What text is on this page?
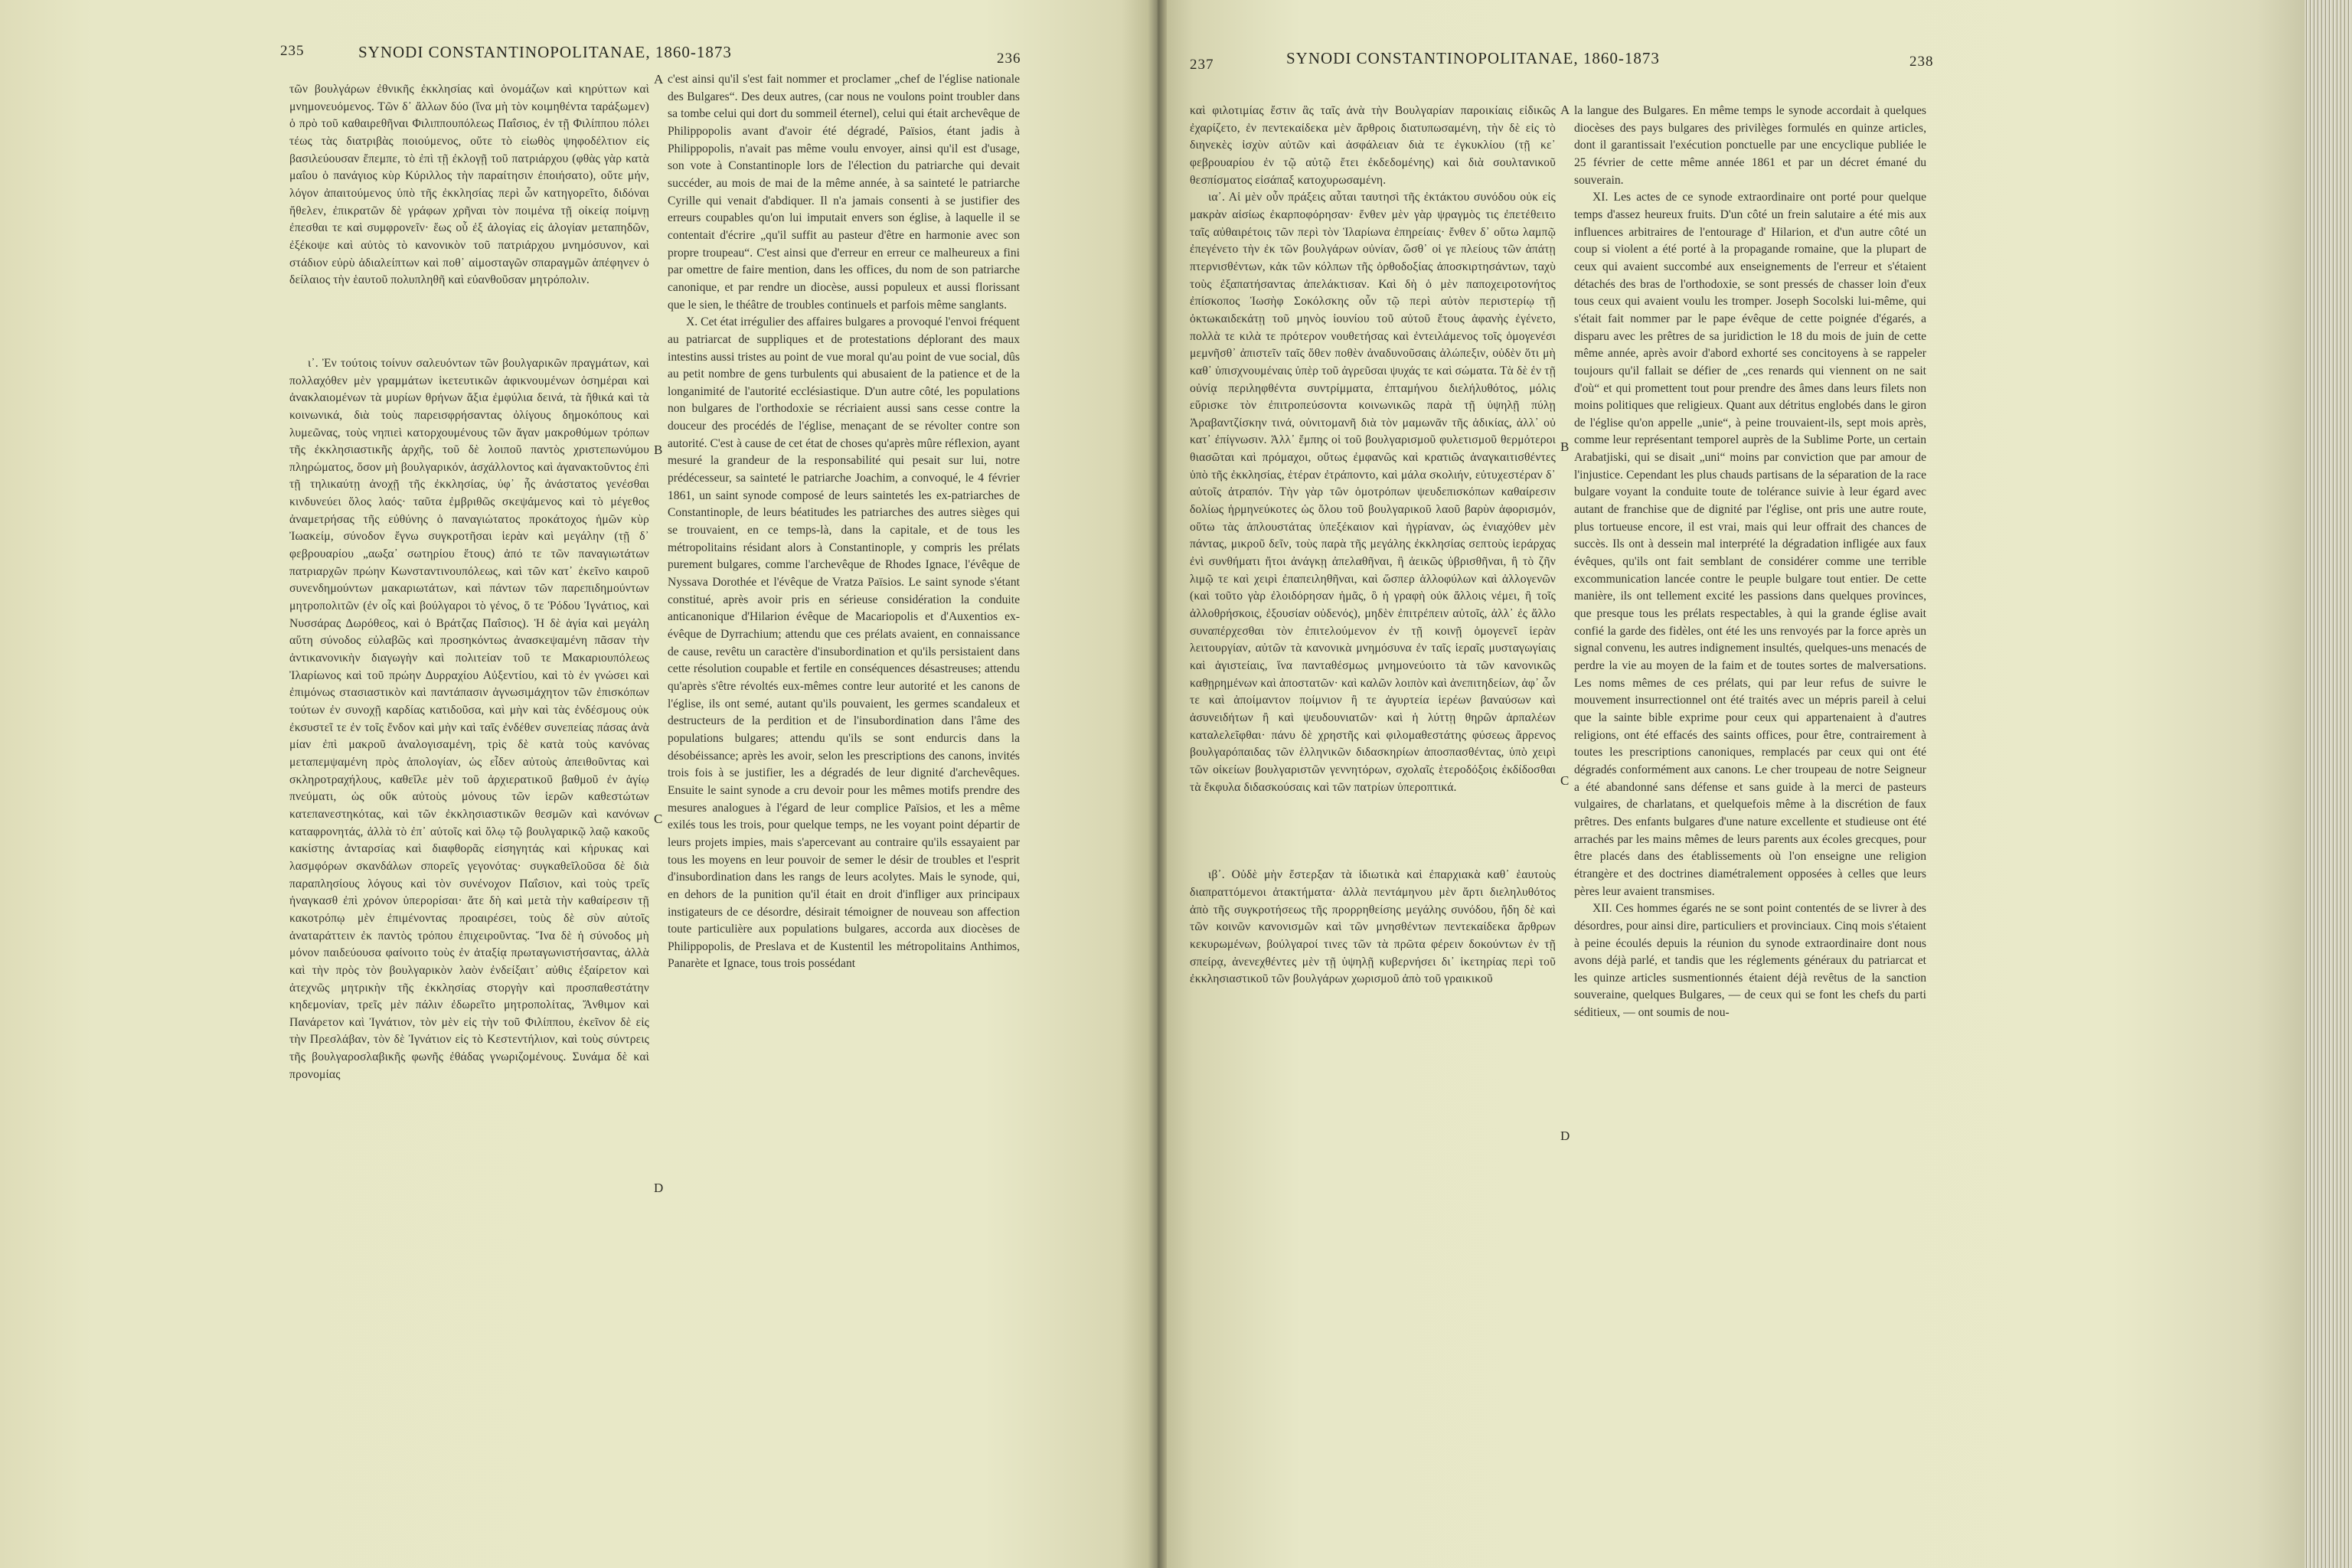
235	SYNODI CONSTANTINOPOLITANAE, 1860-1873	236

τῶν βουλγάρων ἐθνικῆς ἐκκλησίας καὶ ὀνομάζων καὶ κηρύττων καὶ μνημονευόμενος. Τῶν δ᾽ ἄλλων δύο (ἵνα μὴ τὸν κοιμηθέντα ταράξωμεν) ὁ πρὸ τοῦ καθαιρεθῆναι Φιλιππουπόλεως Παΐσιος, ἐν τῇ Φιλίππου πόλει τέως τὰς διατριβὰς ποιούμενος, οὔτε τὸ εἰωθὸς ψηφοδέλτιον εἰς βασιλεύουσαν ἔπεμπε, τὸ ἐπὶ τῇ ἐκλογῇ τοῦ πατριάρχου (φθὰς γὰρ κατὰ μαΐου ὁ πανάγιος κὺρ Κύριλλος τὴν παραίτησιν ἐποιήσατο), οὔτε μήν, λόγον ἀπαιτούμενος ὑπὸ τῆς ἐκκλησίας περὶ ὧν κατηγορεῖτο, διδόναι ἤθελεν, ἐπικρατῶν δὲ γράφων χρῆναι τὸν ποιμένα τῇ οἰκείᾳ ποίμνῃ ἐπεσθαι τε καὶ συμφρονεῖν· ἕως οὗ ἐξ ἀλογίας εἰς ἀλογίαν μεταπηδῶν, ἐξέκοψε καὶ αὐτὸς τὸ κανονικὸν τοῦ πατριάρχου μνημόσυνον, καὶ στάδιον εὐρὺ ἀδιαλείπτων καὶ ποθ᾽ αἱμοσταγῶν σπαραγμῶν ἀπέφηνεν ὁ δείλαιος τὴν ἑαυτοῦ πολυπληθῆ καὶ εὐανθοῦσαν μητρόπολιν.

ι᾽. Ἐν τούτοις τοίνυν σαλευόντων τῶν βουλγαρικῶν πραγμάτων, καὶ πολλαχόθεν μὲν γραμμάτων ἱκετευτικῶν ἀφικνουμένων ὀσημέραι καὶ ἀνακλαιομένων τὰ μυρίων θρήνων ἄξια ἐμφύλια δεινά, τὰ ἤθικά καὶ τὰ κοινωνικά, διὰ τοὺς παρεισφρήσαντας ὀλίγους δημοκόπους καὶ λυμεῶνας, τοὺς νηπιεὶ κατορχουμένους τῶν ἄγαν μακροθύμων τρόπων τῆς ἐκκλησιαστικῆς ἀρχῆς, τοῦ δὲ λοιποῦ παντὸς χριστεπωνύμου πληρώματος, ὅσον μὴ βουλγαρικόν, ἀσχάλλοντος καὶ ἀγανακτοῦντος ἐπὶ τῇ τηλικαύτῃ ἀνοχῇ τῆς ἐκκλησίας, ὑφ᾽ ἧς ἀνάστατος γενέσθαι κινδυνεύει ὅλος λαός· ταῦτα ἐμβριθῶς σκεψάμενος καὶ τὸ μέγεθος ἀναμετρήσας τῆς εὐθύνης ὁ παναγιώτατος προκάτοχος ἡμῶν κὺρ Ἰωακείμ, σύνοδον ἔγνω συγκροτῆσαι ἱερὰν καὶ μεγάλην (τῇ δ᾽ φεβρουαρίου „αωξα᾽ σωτηρίου ἔτους) ἀπό τε τῶν παναγιωτάτων πατριαρχῶν πρώην Κωνσταντινουπόλεως, καὶ τῶν κατ᾽ ἐκεῖνο καιροῦ συνενδημούντων μακαριωτάτων, καὶ πάντων τῶν παρεπιδημούντων μητροπολιτῶν (ἐν οἷς καὶ βούλγαροι τὸ γένος, ὅ τε Ῥόδου Ἰγνάτιος, καὶ Νυσσάρας Δωρόθεος, καὶ ὁ Βράτζας Παΐσιος). Ἡ δὲ ἁγία καὶ μεγάλη αὕτη σύνοδος εὐλαβῶς καὶ προσηκόντως ἀνασκεψαμένη πᾶσαν τὴν ἀντικανονικὴν διαγωγὴν καὶ πολιτείαν τοῦ τε Μακαριουπόλεως Ἰλαρίωνος καὶ τοῦ πρώην Δυρραχίου Αὐξεντίου, καὶ τὸ ἐν γνώσει καὶ ἐπιμόνως στασιαστικὸν καὶ παντάπασιν ἀγνωσιμάχητον τῶν ἐπισκόπων τούτων ἐν συνοχῇ καρδίας κατιδοῦσα, καὶ μὴν καὶ τὰς ἐνδέσμους οὐκ ἐκσυστεῖ τε ἐν τοῖς ἔνδον καὶ μὴν καὶ ταῖς ἐνδέθεν συνεπείας πάσας ἀνὰ μίαν ἐπὶ μακροῦ ἀναλογισαμένη, τρὶς δὲ κατὰ τοὺς κανόνας μεταπεμψαμένη πρὸς ἀπολογίαν, ὡς εἶδεν αὐτοὺς ἀπειθοῦντας καὶ σκληροτραχήλους, καθεῖλε μὲν τοῦ ἀρχιερατικοῦ βαθμοῦ ἐν ἁγίῳ πνεύματι, ὡς οὔκ αὐτοὺς μόνους τῶν ἱερῶν καθεστώτων κατεπανεστηκότας, καὶ τῶν ἐκκλησιαστικῶν θεσμῶν καὶ κανόνων καταφρονητάς, ἀλλὰ τὸ ἐπ᾽ αὐτοῖς καὶ ὅλῳ τῷ βουλγαρικῷ λαῷ κακοῦς κακίστης ἀνταρσίας καὶ διαφθορᾶς εἰσηγητάς καὶ κήρυκας καὶ λασμφόρων σκανδάλων σπορεῖς γεγονότας· συγκαθεῖλοῦσα δὲ διὰ παραπλησίους λόγους καὶ τὸν συνένοχον Παΐσιον, καὶ τοὺς τρεῖς ἠναγκασθ ἐπὶ χρόνον ὑπερορίσαι· ἅτε δὴ καὶ μετὰ τὴν καθαίρεσιν τῇ κακοτρόπῳ μὲν ἐπιμένοντας προαιρέσει, τοὺς δὲ σὺν αὐτοῖς ἀναταράττειν ἐκ παντὸς τρόπου ἐπιχειροῦντας. Ἵνα δὲ ἡ σύνοδος μὴ μόνον παιδεύουσα φαίνοιτο τοὺς ἐν ἀταξίᾳ πρωταγωνιστήσαντας, ἀλλὰ καὶ τὴν πρὸς τὸν βουλγαρικὸν λαὸν ἐνδείξαιτ᾽ αὐθις ἐξαίρετον καὶ ἀτεχνῶς μητρικὴν τῆς ἐκκλησίας στοργὴν καὶ προσπαθεστάτην κηδεμονίαν, τρεῖς μὲν πάλιν ἐδωρεῖτο μητροπολίτας, Ἄνθιμον καὶ Πανάρετον καὶ Ἰγνάτιον, τὸν μὲν εἰς τὴν τοῦ Φιλίππου, ἐκεῖνον δὲ εἰς τὴν Πρεσλάβαν, τὸν δὲ Ἰγνάτιον εἰς τὸ Κεστεντήλιον, καὶ τοὺς σύντρεις τῆς βουλγαροσλαβικῆς φωνῆς ἐθάδας γνωριζομένους. Συνάμα δὲ καὶ προνομίας

c'est ainsi qu'il s'est fait nommer et proclamer „chef de l'église nationale des Bulgares“. Des deux autres, (car nous ne voulons point troubler dans sa tombe celui qui dort du sommeil éternel), celui qui était archevêque de Philippopolis avant d'avoir été dégradé, Païsios, étant jadis à Philippopolis, n'avait pas même voulu envoyer, ainsi qu'il est d'usage, son vote à Constantinople lors de l'élection du patriarche qui devait succéder, au mois de mai de la même année, à sa sainteté le patriarche Cyrille qui venait d'abdiquer. Il n'a jamais consenti à se justifier des erreurs coupables qu'on lui imputait envers son église, à laquelle il se contentait d'écrire „qu'il suffit au pasteur d'être en harmonie avec son propre troupeau“. C'est ainsi que d'erreur en erreur ce malheureux a fini par omettre de faire mention, dans les offices, du nom de son patriarche canonique, et par rendre un diocèse, aussi populeux et aussi florissant que le sien, le théâtre de troubles continuels et parfois même sanglants.

X. Cet état irrégulier des affaires bulgares a provoqué l'envoi fréquent au patriarcat de suppliques et de protestations déplorant des maux intestins aussi tristes au point de vue moral qu'au point de vue social, dûs au petit nombre de gens turbulents qui abusaient de la patience et de la longanimité de l'autorité ecclésiastique. D'un autre côté, les populations non bulgares de l'orthodoxie se récriaient aussi sans cesse contre la douceur des procédés de l'église, menaçant de se révolter contre son autorité. C'est à cause de cet état de choses qu'après mûre réflexion, ayant mesuré la grandeur de la responsabilité qui pesait sur lui, notre prédécesseur, sa sainteté le patriarche Joachim, a convoqué, le 4 février 1861, un saint synode composé de leurs saintetés les ex-patriarches de Constantinople, de leurs béatitudes les patriarches des autres sièges qui se trouvaient, en ce temps-là, dans la capitale, et de tous les métropolitains résidant alors à Constantinople, y compris les prélats purement bulgares, comme l'archevêque de Rhodes Ignace, l'évêque de Nyssava Dorothée et l'évêque de Vratza Païsios. Le saint synode s'étant constitué, après avoir pris en sérieuse considération la conduite anticanonique d'Hilarion évêque de Macariopolis et d'Auxentios ex-évêque de Dyrrachium; attendu que ces prélats avaient, en connaissance de cause, revêtu un caractère d'insubordination et qu'ils persistaient dans cette résolution coupable et fertile en conséquences désastreuses; attendu qu'après s'être révoltés eux-mêmes contre leur autorité et les canons de l'église, ils ont semé, autant qu'ils pouvaient, les germes scandaleux et destructeurs de la perdition et de l'insubordination dans l'âme des populations bulgares; attendu qu'ils se sont endurcis dans la désobéissance; après les avoir, selon les prescriptions des canons, invités trois fois à se justifier, les a dégradés de leur dignité d'archevêques. Ensuite le saint synode a cru devoir pour les mêmes motifs prendre des mesures analogues à l'égard de leur complice Païsios, et les a même exilés tous les trois, pour quelque temps, ne les voyant point départir de leurs projets impies, mais s'apercevant au contraire qu'ils essayaient par tous les moyens en leur pouvoir de semer le désir de troubles et l'esprit d'insubordination dans les rangs de leurs acolytes. Mais le synode, qui, en dehors de la punition qu'il était en droit d'infliger aux principaux instigateurs de ce désordre, désirait témoigner de nouveau son affection toute particulière aux populations bulgares, accorda aux diocèses de Philippopolis, de Preslava et de Kustentil les métropolitains Anthimos, Panarète et Ignace, tous trois possédant

A
B
C
D
237	SYNODI CONSTANTINOPOLITANAE, 1860-1873	238

καὶ φιλοτιμίας ἔστιν ἃς ταῖς ἀνὰ τὴν Βουλγαρίαν παροικίαις εἰδικῶς ἐχαρίζετο, ἐν πεντεκαίδεκα μὲν ἄρθροις διατυπωσαμένη, τὴν δὲ εἰς τὸ διηνεκὲς ἰσχὺν αὐτῶν καὶ ἀσφάλειαν διὰ τε ἐγκυκλίου (τῇ κε᾽ φεβρουαρίου ἐν τῷ αὐτῷ ἔτει ἐκδεδομένης) καὶ διὰ σουλτανικοῦ θεσπίσματος εἰσάπαξ κατοχυρωσαμένη.

ια᾽. Αἱ μὲν οὖν πράξεις αὗται ταυτησὶ τῆς ἐκτάκτου συνόδου οὐκ εἰς μακρὰν αἰσίως ἐκαρποφόρησαν· ἔνθεν μὲν γὰρ ψραγμὸς τις ἐπετέθειτο ταῖς αὐθαιρέτοις τῶν περὶ τὸν Ἱλαρίωνα ἐπηρείαις· ἔνθεν δ᾽ οὕτω λαμπῷ ἐπεγένετο τὴν ἐκ τῶν βουλγάρων οὐνίαν, ὥσθ᾽ οἱ γε πλείους τῶν ἀπάτῃ πτερνισθέντων, κἀκ τῶν κόλπων τῆς ὀρθοδοξίας ἀποσκιρτησάντων, ταχὺ τοὺς ἐξαπατήσαντας ἀπελάκτισαν. Καὶ δὴ ὁ μὲν παποχειροτονήτος ἐπίσκοπος Ἰωσὴφ Σοκόλσκης οὖν τῷ περὶ αὐτὸν περιστερίῳ τῇ ὀκτωκαιδεκάτῃ τοῦ μηνὸς ἰουνίου τοῦ αὐτοῦ ἔτους ἀφανὴς ἐγένετο, πολλὰ τε κιλὰ τε πρότερον νουθετήσας καὶ ἐντειλάμενος τοῖς ὁμογενέσι μεμνῆσθ᾽ ἀπιστεῖν ταῖς ὅθεν ποθὲν ἀναδυνοῦσαις ἀλώπεξιν, οὐδὲν ὅτι μὴ καθ᾽ ὑπισχνουμέναις ὑπὲρ τοῦ ἀγρεῦσαι ψυχάς τε καὶ σώματα. Τὰ δὲ ἐν τῇ οὐνίᾳ περιληφθέντα συντρίμματα, ἐπταμήνου διελήλυθότος, μόλις εὕρισκε τὸν ἐπιτροπεύσοντα κοινωνικῶς παρὰ τῇ ὑψηλῇ πύλῃ Ἀραβαντζίσκην τινά, οὐνιτομανῆ διὰ τὸν μαμωνᾶν τῆς ἀδικίας, ἀλλ᾽ οὐ κατ᾽ ἐπίγνωσιν. Ἀλλ᾽ ἔμπης οἱ τοῦ βουλγαρισμοῦ φυλετισμοῦ θερμότεροι θιασῶται καὶ πρόμαχοι, οὔτως ἐμφανῶς καὶ κρατιῶς ἀναγκαιτισθέντες ὑπὸ τῆς ἐκκλησίας, ἑτέραν ἐτράποντο, καὶ μάλα σκολιήν, εὐτυχεστέραν δ᾽ αὐτοῖς ἀτραπόν. Τὴν γὰρ τῶν ὁμοτρόπων ψευδεπισκόπων καθαίρεσιν δολίως ἡρμηνεύκοτες ὡς ὅλου τοῦ βουλγαρικοῦ λαοῦ βαρὺν ἀφορισμόν, οὕτω τὰς ἁπλουστάτας ὑπεξέκαιον καὶ ἠγρίαναν, ὡς ἐνιαχόθεν μὲν πάντας, μικροῦ δεῖν, τοὺς παρὰ τῆς μεγάλης ἐκκλησίας σεπτοὺς ἱεράρχας ἐνὶ συνθήματι ἤτοι ἀνάγκῃ ἀπελαθῆναι, ἢ ἀεικῶς ὑβρισθῆναι, ἢ τὸ ζῆν λιμῷ τε καὶ χειρὶ ἐπαπειληθῆναι, καὶ ὥσπερ ἀλλοφύλων καὶ ἀλλογενῶν (καὶ τοῦτο γὰρ ἐλοιδόρησαν ἡμᾶς, ὃ ἡ γραφὴ οὐκ ἄλλοις νέμει, ἢ τοῖς ἀλλοθρήσκοις, ἐξουσίαν οὐδενός), μηδὲν ἐπιτρέπειν αὐτοῖς, ἀλλ᾽ ἐς ἄλλο συναπέρχεσθαι τὸν ἐπιτελούμενον ἐν τῇ κοινῇ ὁμογενεῖ ἱερὰν λειτουργίαν, αὐτῶν τὰ κανονικὰ μνημόσυνα ἐν ταῖς ἱεραῖς μυσταγωγίαις καὶ ἁγιστείαις, ἵνα πανταθέσμως μνημονεύοιτο τὰ τῶν κανονικῶς καθῃρημένων καὶ ἀποστατῶν· καὶ καλῶν λοιπὸν καὶ ἀνεπιτηδείων, ἀφ᾽ ὧν τε καὶ ἀποίμαντον ποίμνιον ἢ τε ἁγυρτεία ἱερέων βαναύσων καὶ ἀσυνειδήτων ἢ καὶ ψευδουνιατῶν· καὶ ἡ λύττῃ θηρῶν ἁρπαλέων καταλελεῖφθαι· πάνυ δὲ χρηστῆς καὶ φιλομαθεστάτης φύσεως ἄρρενος βουλγαρόπαιδας τῶν ἑλληνικῶν διδασκηρίων ἀποσπασθέντας, ὑπὸ χειρὶ τῶν οἰκείων βουλγαριστῶν γεννητόρων, σχολαῖς ἑτεροδόξοις ἐκδίδοσθαι τὰ ἔκφυλα διδασκούσαις καὶ τῶν πατρίων ὑπεροπτικά.

ιβ᾽. Οὐδὲ μὴν ἔστερξαν τὰ ἰδιωτικὰ καὶ ἐπαρχιακὰ καθ᾽ ἑαυτοὺς διαπραττόμενοι ἀτακτήματα· ἀλλὰ πεντάμηνου μὲν ἄρτι διεληλυθότος ἀπὸ τῆς συγκροτήσεως τῆς προρρηθείσης μεγάλης συνόδου, ἤδη δὲ καὶ τῶν κοινῶν κανονισμῶν καὶ τῶν μνησθέντων πεντεκαίδεκα ἄρθρων κεκυρωμένων, βούλγαροί τινες τῶν τὰ πρῶτα φέρειν δοκούντων ἐν τῇ σπείρᾳ, ἀνενεχθέντες μὲν τῇ ὑψηλῇ κυβερνήσει δι᾽ ἱκετηρίας περὶ τοῦ ἐκκλησιαστικοῦ τῶν βουλγάρων χωρισμοῦ ἀπὸ τοῦ γραικικοῦ

la langue des Bulgares. En même temps le synode accordait à quelques diocèses des pays bulgares des privilèges formulés en quinze articles, dont il garantissait l'exécution ponctuelle par une encyclique publiée le 25 février de cette même année 1861 et par un décret émané du souverain.

XI. Les actes de ce synode extraordinaire ont porté pour quelque temps d'assez heureux fruits. D'un côté un frein salutaire a été mis aux influences arbitraires de l'entourage d' Hilarion, et d'un autre côté un coup si violent a été porté à la propagande romaine, que la plupart de ceux qui avaient succombé aux enseignements de l'erreur et s'étaient détachés des bras de l'orthodoxie, se sont pressés de chasser loin d'eux tous ceux qui avaient voulu les tromper. Joseph Socolski lui-même, qui s'était fait nommer par le pape évêque de cette poignée d'égarés, a disparu avec les prêtres de sa juridiction le 18 du mois de juin de cette même année, après avoir d'abord exhorté ses concitoyens à se rappeler toujours qu'il fallait se défier de „ces renards qui viennent on ne sait d'où“ et qui promettent tout pour prendre des âmes dans leurs filets non moins politiques que religieux. Quant aux détritus englobés dans le giron de l'église qu'on appelle „unie“, à peine trouvaient-ils, sept mois après, comme leur représentant temporel auprès de la Sublime Porte, un certain Arabatjiski, qui se disait „uni“ moins par conviction que par amour de l'injustice. Cependant les plus chauds partisans de la séparation de la race bulgare voyant la conduite toute de tolérance suivie à leur égard avec autant de franchise que de dignité par l'église, ont pris une autre route, plus tortueuse encore, il est vrai, mais qui leur offrait des chances de succès. Ils ont à dessein mal interprété la dégradation infligée aux faux évêques, qu'ils ont fait semblant de considérer comme une terrible excommunication lancée contre le peuple bulgare tout entier. De cette manière, ils ont tellement excité les passions dans quelques provinces, que presque tous les prélats respectables, à qui la grande église avait confié la garde des fidèles, ont été les uns renvoyés par la force après un signal convenu, les autres indignement insultés, quelques-uns menacés de perdre la vie au moyen de la faim et de toutes sortes de malversations. Les noms mêmes de ces prélats, qui par leur refus de suivre le mouvement insurrectionnel ont été traités avec un mépris pareil à celui que la sainte bible exprime pour ceux qui appartenaient à d'autres religions, ont été effacés des saints offices, pour être, contrairement à toutes les prescriptions canoniques, remplacés par ceux qui ont été dégradés conformément aux canons. Le cher troupeau de notre Seigneur a été abandonné sans défense et sans guide à la merci de pasteurs vulgaires, de charlatans, et quelquefois même à la discrétion de faux prêtres. Des enfants bulgares d'une nature excellente et studieuse ont été arrachés par les mains mêmes de leurs parents aux écoles grecques, pour être placés dans des établissements où l'on enseigne une religion étrangère et des doctrines diamétralement opposées à celles que leurs pères leur avaient transmises.

XII. Ces hommes égarés ne se sont point contentés de se livrer à des désordres, pour ainsi dire, particuliers et provinciaux. Cinq mois s'étaient à peine écoulés depuis la réunion du synode extraordinaire dont nous avons déjà parlé, et tandis que les réglements généraux du patriarcat et les quinze articles susmentionnés étaient déjà revêtus de la sanction souveraine, quelques Bulgares, — de ceux qui se font les chefs du parti séditieux, — ont soumis de nou-

A
B
C
D
